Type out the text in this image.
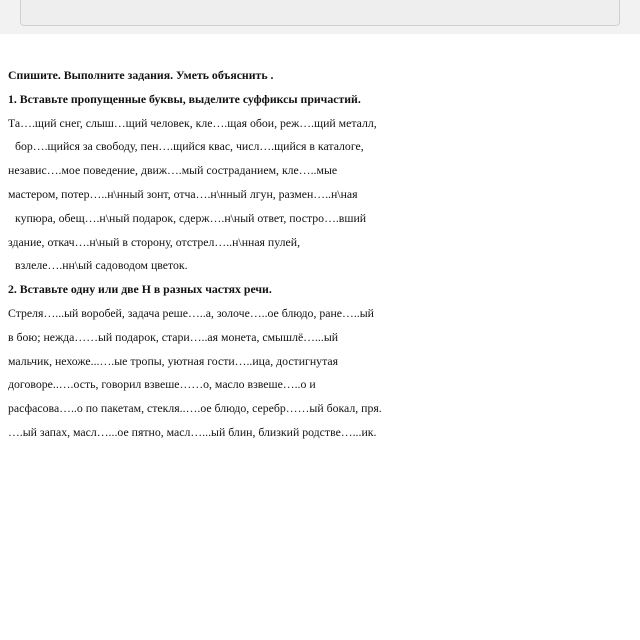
Спишите. Выполните задания. Уметь объяснить .
1. Вставьте пропущенные буквы, выделите суффиксы причастий.
Та….щий снег, слыш…щий человек, кле….щая обои, реж….щий металл,
бор….щийся за свободу, пен….щийся квас, числ….щийся в каталоге,
независ….мое поведение, движ….мый состраданием, кле…..мые
мастером, потер…..н\нный зонт, отча….н\нный лгун, размен…..н\ная
купюра, обещ….н\ный подарок, сдерж….н\ный ответ, постро….вший
здание, откач….н\ный в сторону, отстрел…..н\нная пулей,
взлеле….нн\ый садоводом цветок.
2. Вставьте одну или две Н в разных частях речи.
Стреля…...ый воробей, задача реше…..а, золоче…..ое блюдо, ране…..ый
в бою; нежда……ый подарок, стари…..ая монета, смышлё…...ый
мальчик, нехоже...….ые тропы, уютная гости…..ица, достигнутая
договоре..….ость, говорил взвеше……о, масло взвеше…..о и
расфасова…..о по пакетам, стекля..….ое блюдо, серебр……ый бокал, пря.
….ый запах, масл…...ое пятно, масл…...ый блин, близкий родстве…...ик.
